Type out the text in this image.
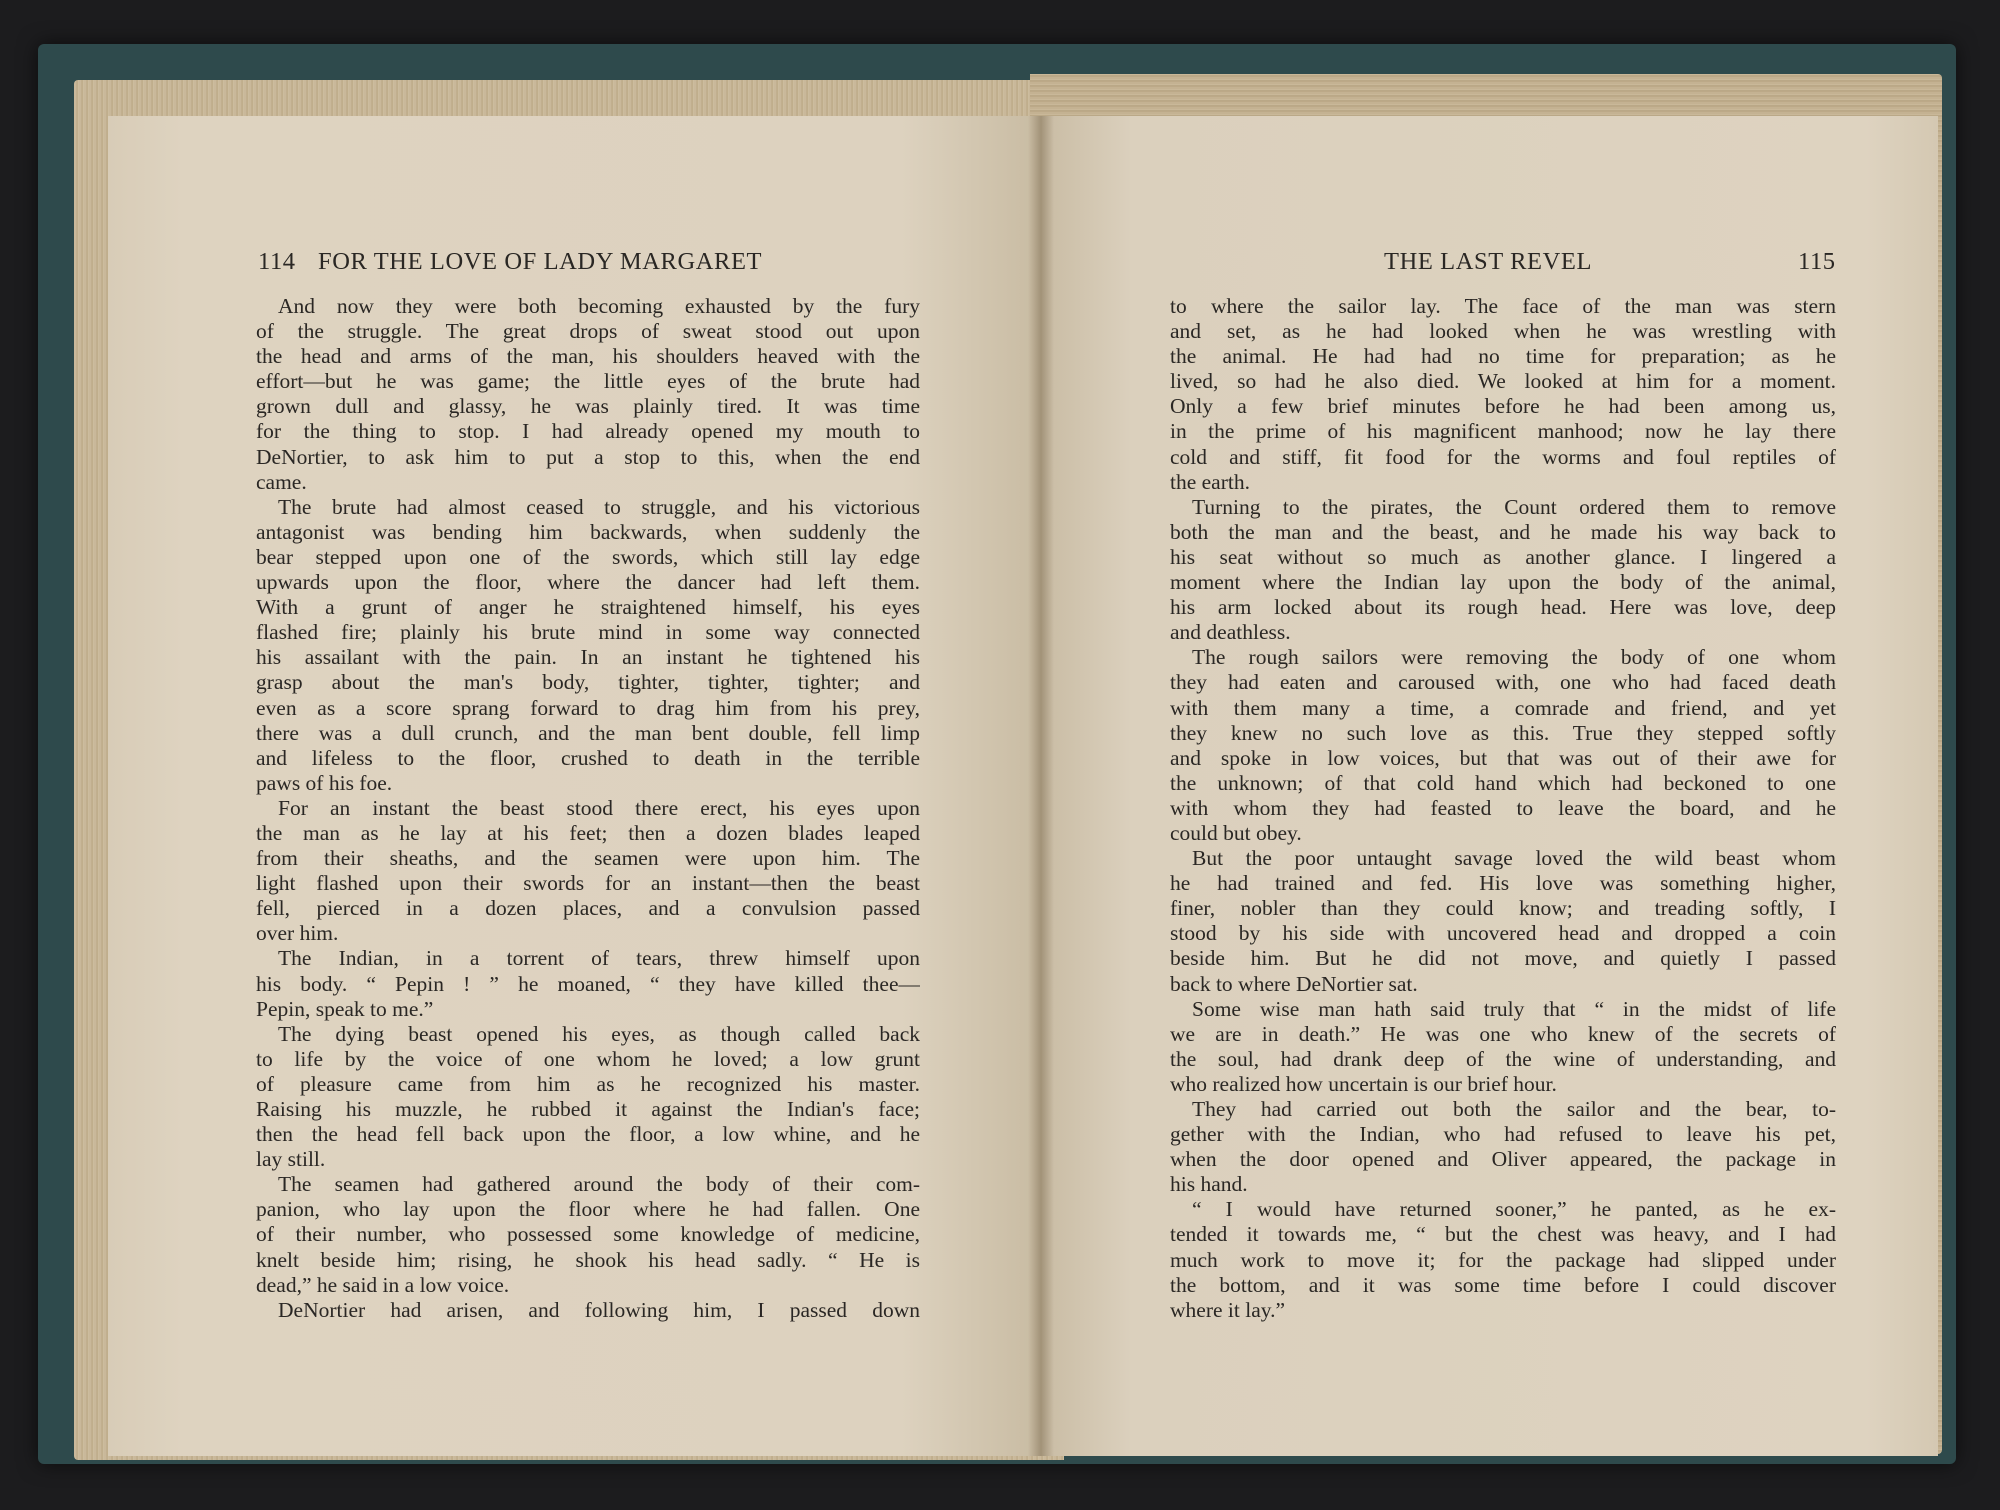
114 FOR THE LOVE OF LADY MARGARET
And now they were both becoming exhausted by the fury
of the struggle. The great drops of sweat stood out upon
the head and arms of the man, his shoulders heaved with the
effort—but he was game; the little eyes of the brute had
grown dull and glassy, he was plainly tired. It was time
for the thing to stop. I had already opened my mouth to
DeNortier, to ask him to put a stop to this, when the end
came.
The brute had almost ceased to struggle, and his victorious
antagonist was bending him backwards, when suddenly the
bear stepped upon one of the swords, which still lay edge
upwards upon the floor, where the dancer had left them.
With a grunt of anger he straightened himself, his eyes
flashed fire; plainly his brute mind in some way connected
his assailant with the pain. In an instant he tightened his
grasp about the man's body, tighter, tighter, tighter; and
even as a score sprang forward to drag him from his prey,
there was a dull crunch, and the man bent double, fell limp
and lifeless to the floor, crushed to death in the terrible
paws of his foe.
For an instant the beast stood there erect, his eyes upon
the man as he lay at his feet; then a dozen blades leaped
from their sheaths, and the seamen were upon him. The
light flashed upon their swords for an instant—then the beast
fell, pierced in a dozen places, and a convulsion passed
over him.
The Indian, in a torrent of tears, threw himself upon
his body. “ Pepin ! ” he moaned, “ they have killed thee—
Pepin, speak to me.”
The dying beast opened his eyes, as though called back
to life by the voice of one whom he loved; a low grunt
of pleasure came from him as he recognized his master.
Raising his muzzle, he rubbed it against the Indian's face;
then the head fell back upon the floor, a low whine, and he
lay still.
The seamen had gathered around the body of their com-
panion, who lay upon the floor where he had fallen. One
of their number, who possessed some knowledge of medicine,
knelt beside him; rising, he shook his head sadly. “ He is
dead,” he said in a low voice.
DeNortier had arisen, and following him, I passed down
THE LAST REVEL	115
to where the sailor lay. The face of the man was stern
and set, as he had looked when he was wrestling with
the animal. He had had no time for preparation; as he
lived, so had he also died. We looked at him for a moment.
Only a few brief minutes before he had been among us,
in the prime of his magnificent manhood; now he lay there
cold and stiff, fit food for the worms and foul reptiles of
the earth.
Turning to the pirates, the Count ordered them to remove
both the man and the beast, and he made his way back to
his seat without so much as another glance. I lingered a
moment where the Indian lay upon the body of the animal,
his arm locked about its rough head. Here was love, deep
and deathless.
The rough sailors were removing the body of one whom
they had eaten and caroused with, one who had faced death
with them many a time, a comrade and friend, and yet
they knew no such love as this. True they stepped softly
and spoke in low voices, but that was out of their awe for
the unknown; of that cold hand which had beckoned to one
with whom they had feasted to leave the board, and he
could but obey.
But the poor untaught savage loved the wild beast whom
he had trained and fed. His love was something higher,
finer, nobler than they could know; and treading softly, I
stood by his side with uncovered head and dropped a coin
beside him. But he did not move, and quietly I passed
back to where DeNortier sat.
Some wise man hath said truly that “ in the midst of life
we are in death.” He was one who knew of the secrets of
the soul, had drank deep of the wine of understanding, and
who realized how uncertain is our brief hour.
They had carried out both the sailor and the bear, to-
gether with the Indian, who had refused to leave his pet,
when the door opened and Oliver appeared, the package in
his hand.
“ I would have returned sooner,” he panted, as he ex-
tended it towards me, “ but the chest was heavy, and I had
much work to move it; for the package had slipped under
the bottom, and it was some time before I could discover
where it lay.”
